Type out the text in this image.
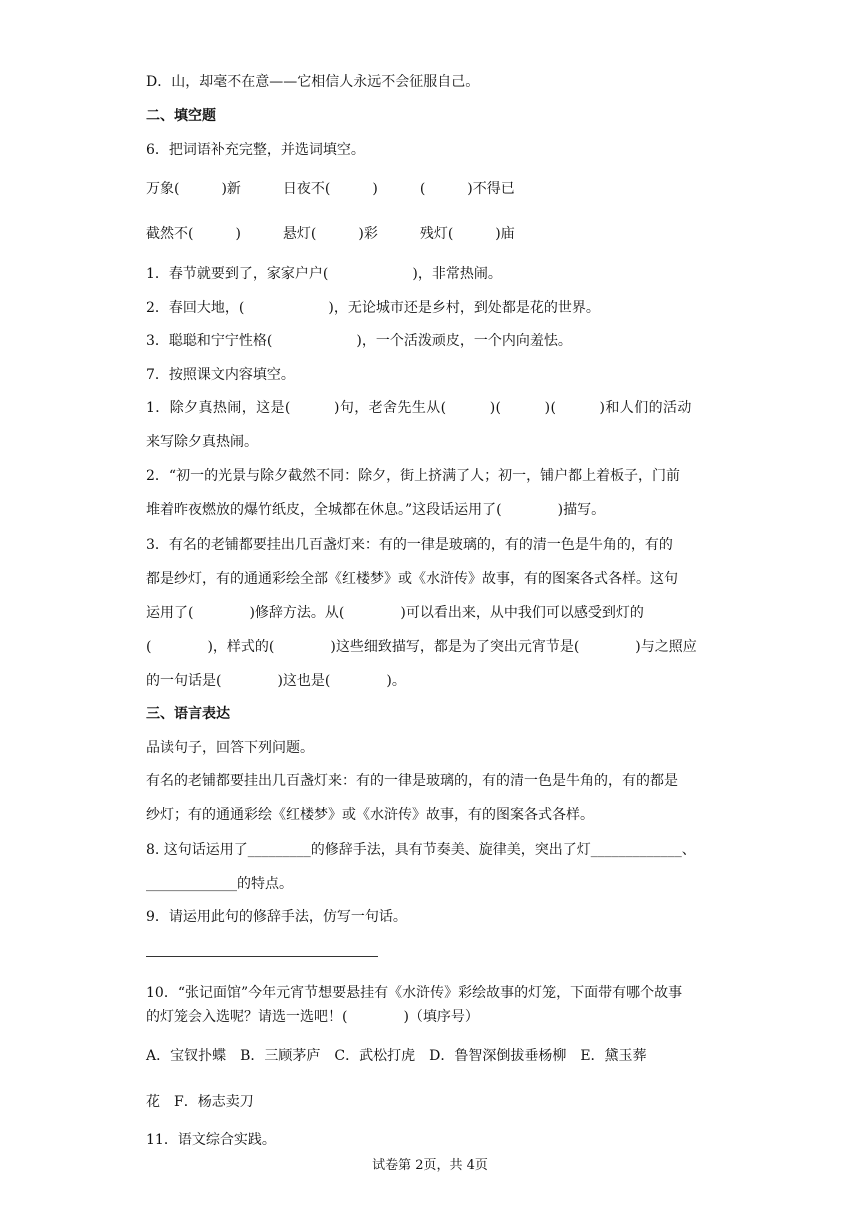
D．山，却毫不在意——它相信人永远不会征服自己。
二、填空题
6．把词语补充完整，并选词填空。
万象(　　　)新　　　日夜不(　　　)　　　(　　　)不得已
截然不(　　　)　　　悬灯(　　　)彩　　　残灯(　　　)庙
1．春节就要到了，家家户户(　　　　　　)，非常热闹。
2．春回大地，(　　　　　　)，无论城市还是乡村，到处都是花的世界。
3．聪聪和宁宁性格(　　　　　　)，一个活泼顽皮，一个内向羞怯。
7．按照课文内容填空。
1．除夕真热闹，这是(　　　)句，老舍先生从(　　　)(　　　)(　　　)和人们的活动
来写除夕真热闹。
2．“初一的光景与除夕截然不同：除夕，街上挤满了人；初一，铺户都上着板子，门前
堆着昨夜燃放的爆竹纸皮，全城都在休息。”这段话运用了(　　　　)描写。
3．有名的老铺都要挂出几百盏灯来：有的一律是玻璃的，有的清一色是牛角的，有的
都是纱灯，有的通通彩绘全部《红楼梦》或《水浒传》故事，有的图案各式各样。这句
运用了(　　　　)修辞方法。从(　　　　)可以看出来，从中我们可以感受到灯的
(　　　　)，样式的(　　　　)这些细致描写，都是为了突出元宵节是(　　　　)与之照应
的一句话是(　　　　)这也是(　　　　)。
三、语言表达
品读句子，回答下列问题。
有名的老铺都要挂出几百盏灯来：有的一律是玻璃的，有的清一色是牛角的，有的都是
纱灯；有的通通彩绘《红楼梦》或《水浒传》故事，有的图案各式各样。
8. 这句话运用了_________的修辞手法，具有节奏美、旋律美，突出了灯_____________、
_____________的特点。
9．请运用此句的修辞手法，仿写一句话。
10．“张记面馆”今年元宵节想要悬挂有《水浒传》彩绘故事的灯笼，下面带有哪个故事
的灯笼会入选呢？请选一选吧！(　　　　)（填序号）
A．宝钗扑蝶　B．三顾茅庐　C．武松打虎　D．鲁智深倒拔垂杨柳　E．黛玉葬
花　F．杨志卖刀
11．语文综合实践。
试卷第 2页，共 4页
